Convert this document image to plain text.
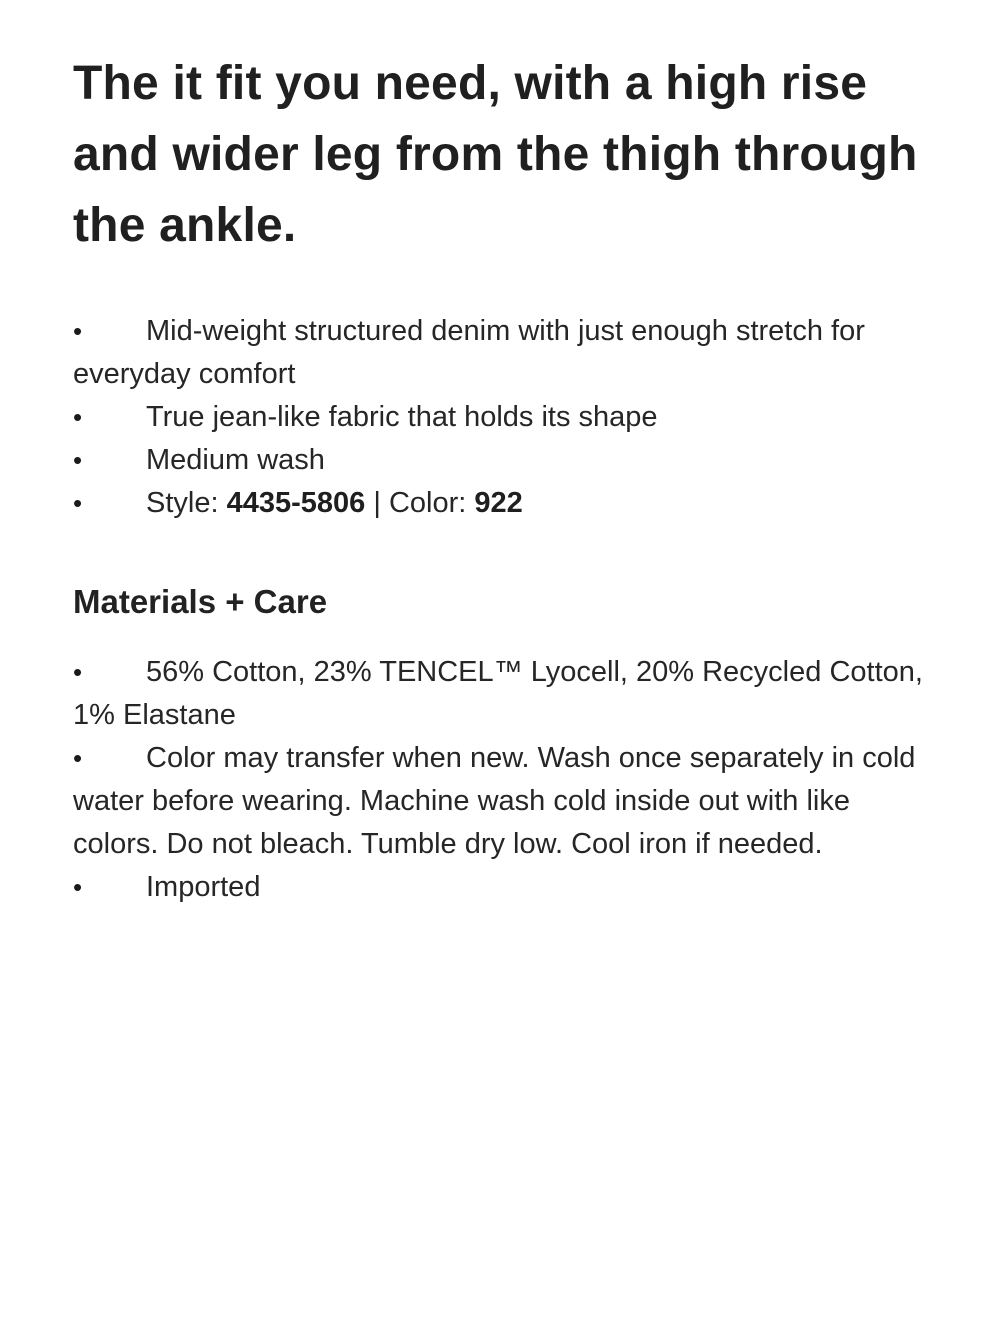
The it fit you need, with a high rise and wider leg from the thigh through the ankle.
• Mid-weight structured denim with just enough stretch for everyday comfort
• True jean-like fabric that holds its shape
• Medium wash
• Style: 4435-5806 | Color: 922
Materials + Care
• 56% Cotton, 23% TENCEL™ Lyocell, 20% Recycled Cotton, 1% Elastane
• Color may transfer when new. Wash once separately in cold water before wearing. Machine wash cold inside out with like colors. Do not bleach. Tumble dry low. Cool iron if needed.
• Imported
